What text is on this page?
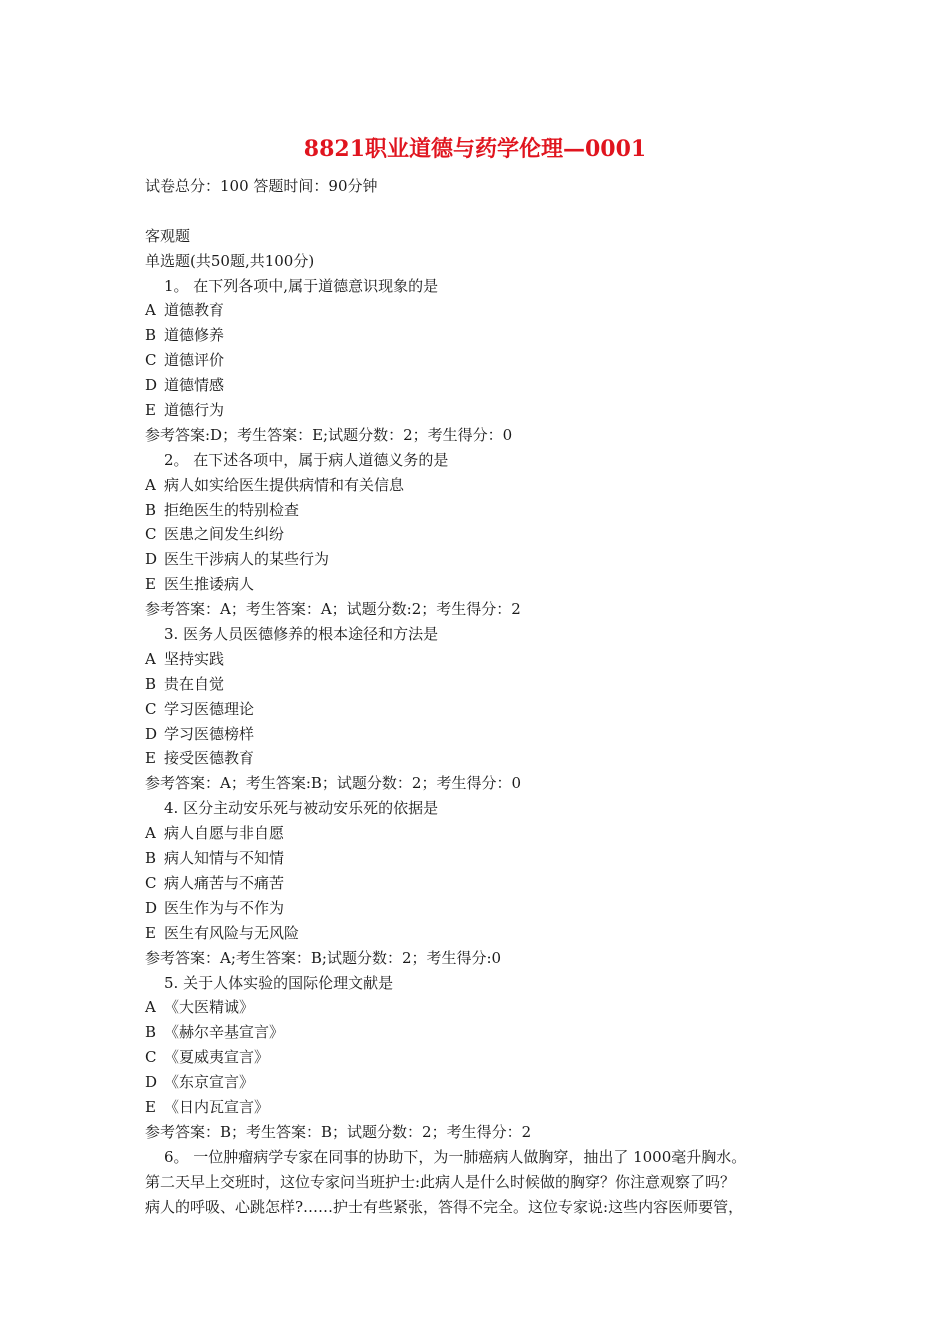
8821职业道德与药学伦理—0001
试卷总分：100 答题时间：90分钟
客观题
单选题(共50题,共100分)
1。 在下列各项中,属于道德意识现象的是
A 道德教育
B 道德修养
C 道德评价
D 道德情感
E 道德行为
参考答案:D；考生答案：E;试题分数：2；考生得分：0
2。 在下述各项中，属于病人道德义务的是
A 病人如实给医生提供病情和有关信息
B 拒绝医生的特别检查
C 医患之间发生纠纷
D 医生干涉病人的某些行为
E 医生推诿病人
参考答案：A；考生答案：A；试题分数:2；考生得分：2
3. 医务人员医德修养的根本途径和方法是
A 坚持实践
B 贵在自觉
C 学习医德理论
D 学习医德榜样
E 接受医德教育
参考答案：A；考生答案:B；试题分数：2；考生得分：0
4. 区分主动安乐死与被动安乐死的依据是
A 病人自愿与非自愿
B 病人知情与不知情
C 病人痛苦与不痛苦
D 医生作为与不作为
E 医生有风险与无风险
参考答案：A;考生答案：B;试题分数：2；考生得分:0
5. 关于人体实验的国际伦理文献是
A 《大医精诚》
B 《赫尔辛基宣言》
C 《夏威夷宣言》
D 《东京宣言》
E 《日内瓦宣言》
参考答案：B；考生答案：B；试题分数：2；考生得分：2
6。 一位肿瘤病学专家在同事的协助下，为一肺癌病人做胸穿，抽出了 1000毫升胸水。
第二天早上交班时，这位专家问当班护士:此病人是什么时候做的胸穿？你注意观察了吗？
病人的呼吸、心跳怎样?……护士有些紧张，答得不完全。这位专家说:这些内容医师要管，
